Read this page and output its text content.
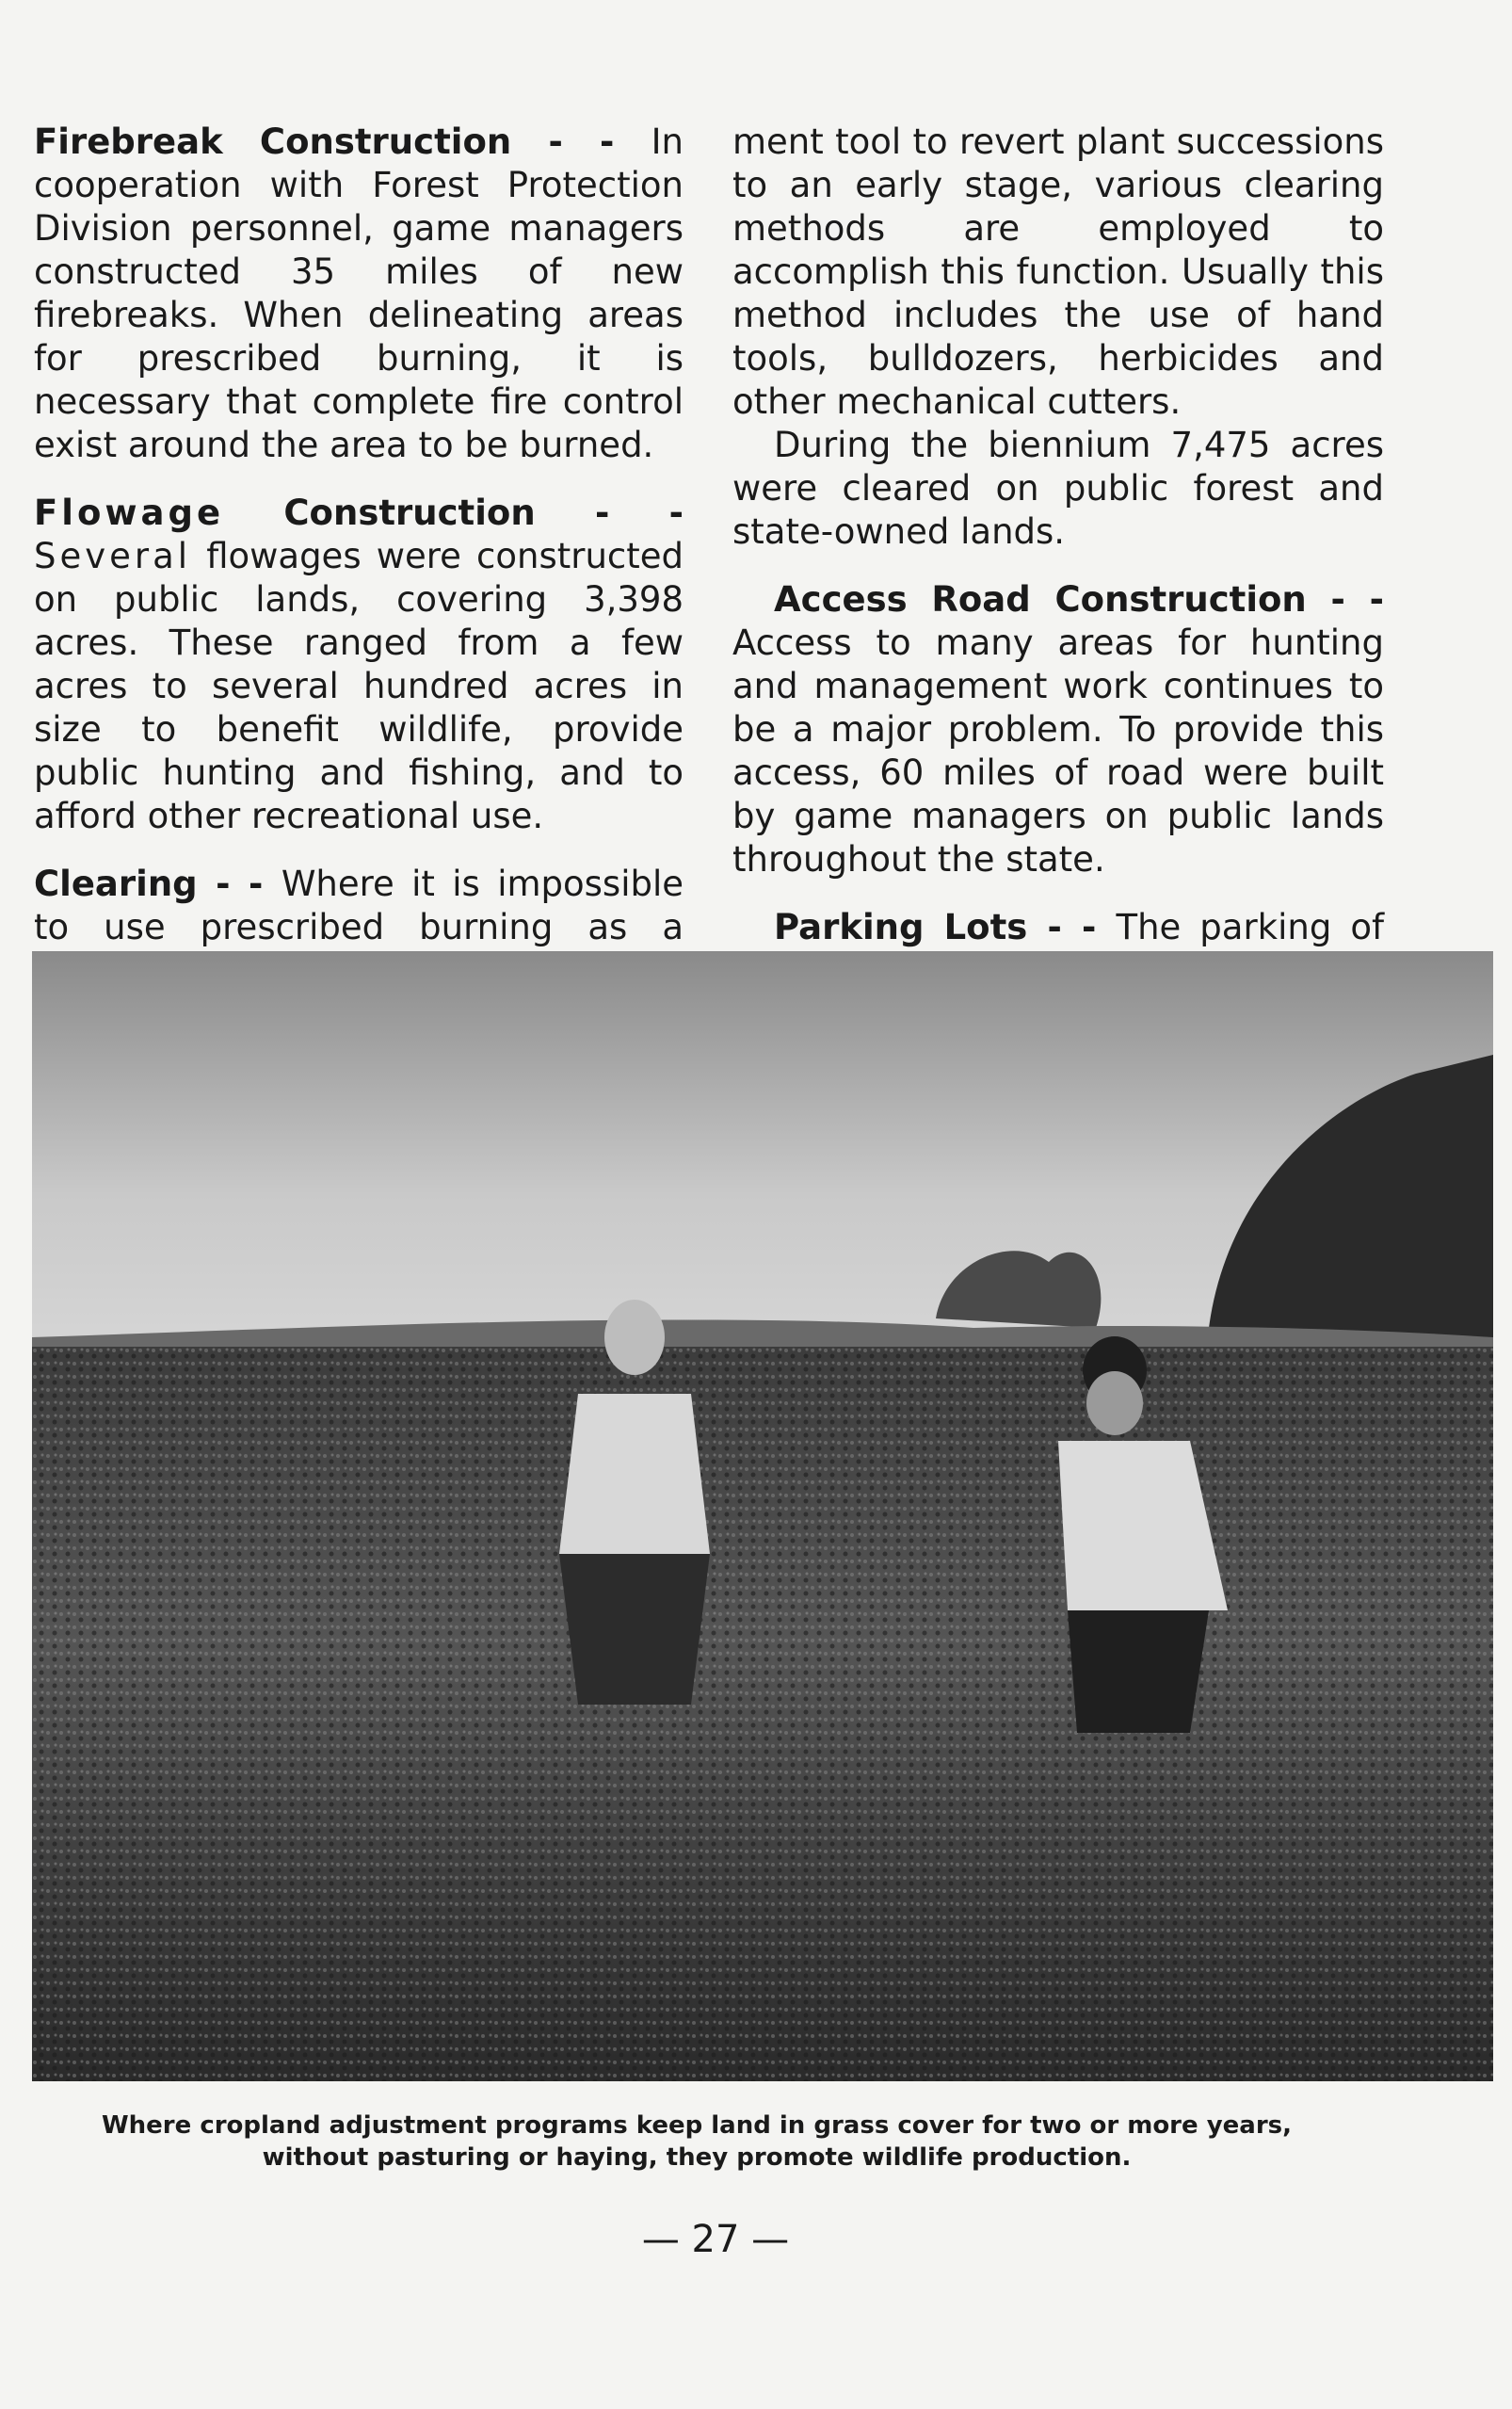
Firebreak Construction - - In cooperation with Forest Protection Division personnel, game managers constructed 35 miles of new firebreaks. When delineating areas for prescribed burning, it is necessary that complete fire control exist around the area to be burned.

Flowage Construction - - Several flowages were constructed on public lands, covering 3,398 acres. These ranged from a few acres to several hundred acres in size to benefit wildlife, provide public hunting and fishing, and to afford other recreational use.

Clearing - - Where it is impossible to use prescribed burning as a

ment tool to revert plant successions to an early stage, various clearing methods are employed to accomplish this function. Usually this method includes the use of hand tools, bulldozers, herbicides and other mechanical cutters.

During the biennium 7,475 acres were cleared on public forest and state-owned lands.

Access Road Construction - - Access to many areas for hunting and management work continues to be a major problem. To provide this access, 60 miles of road were built by game managers on public lands throughout the state.

Parking Lots - - The parking of

Where cropland adjustment programs keep land in grass cover for two or more years,
without pasturing or haying, they promote wildlife production.
— 27 —
